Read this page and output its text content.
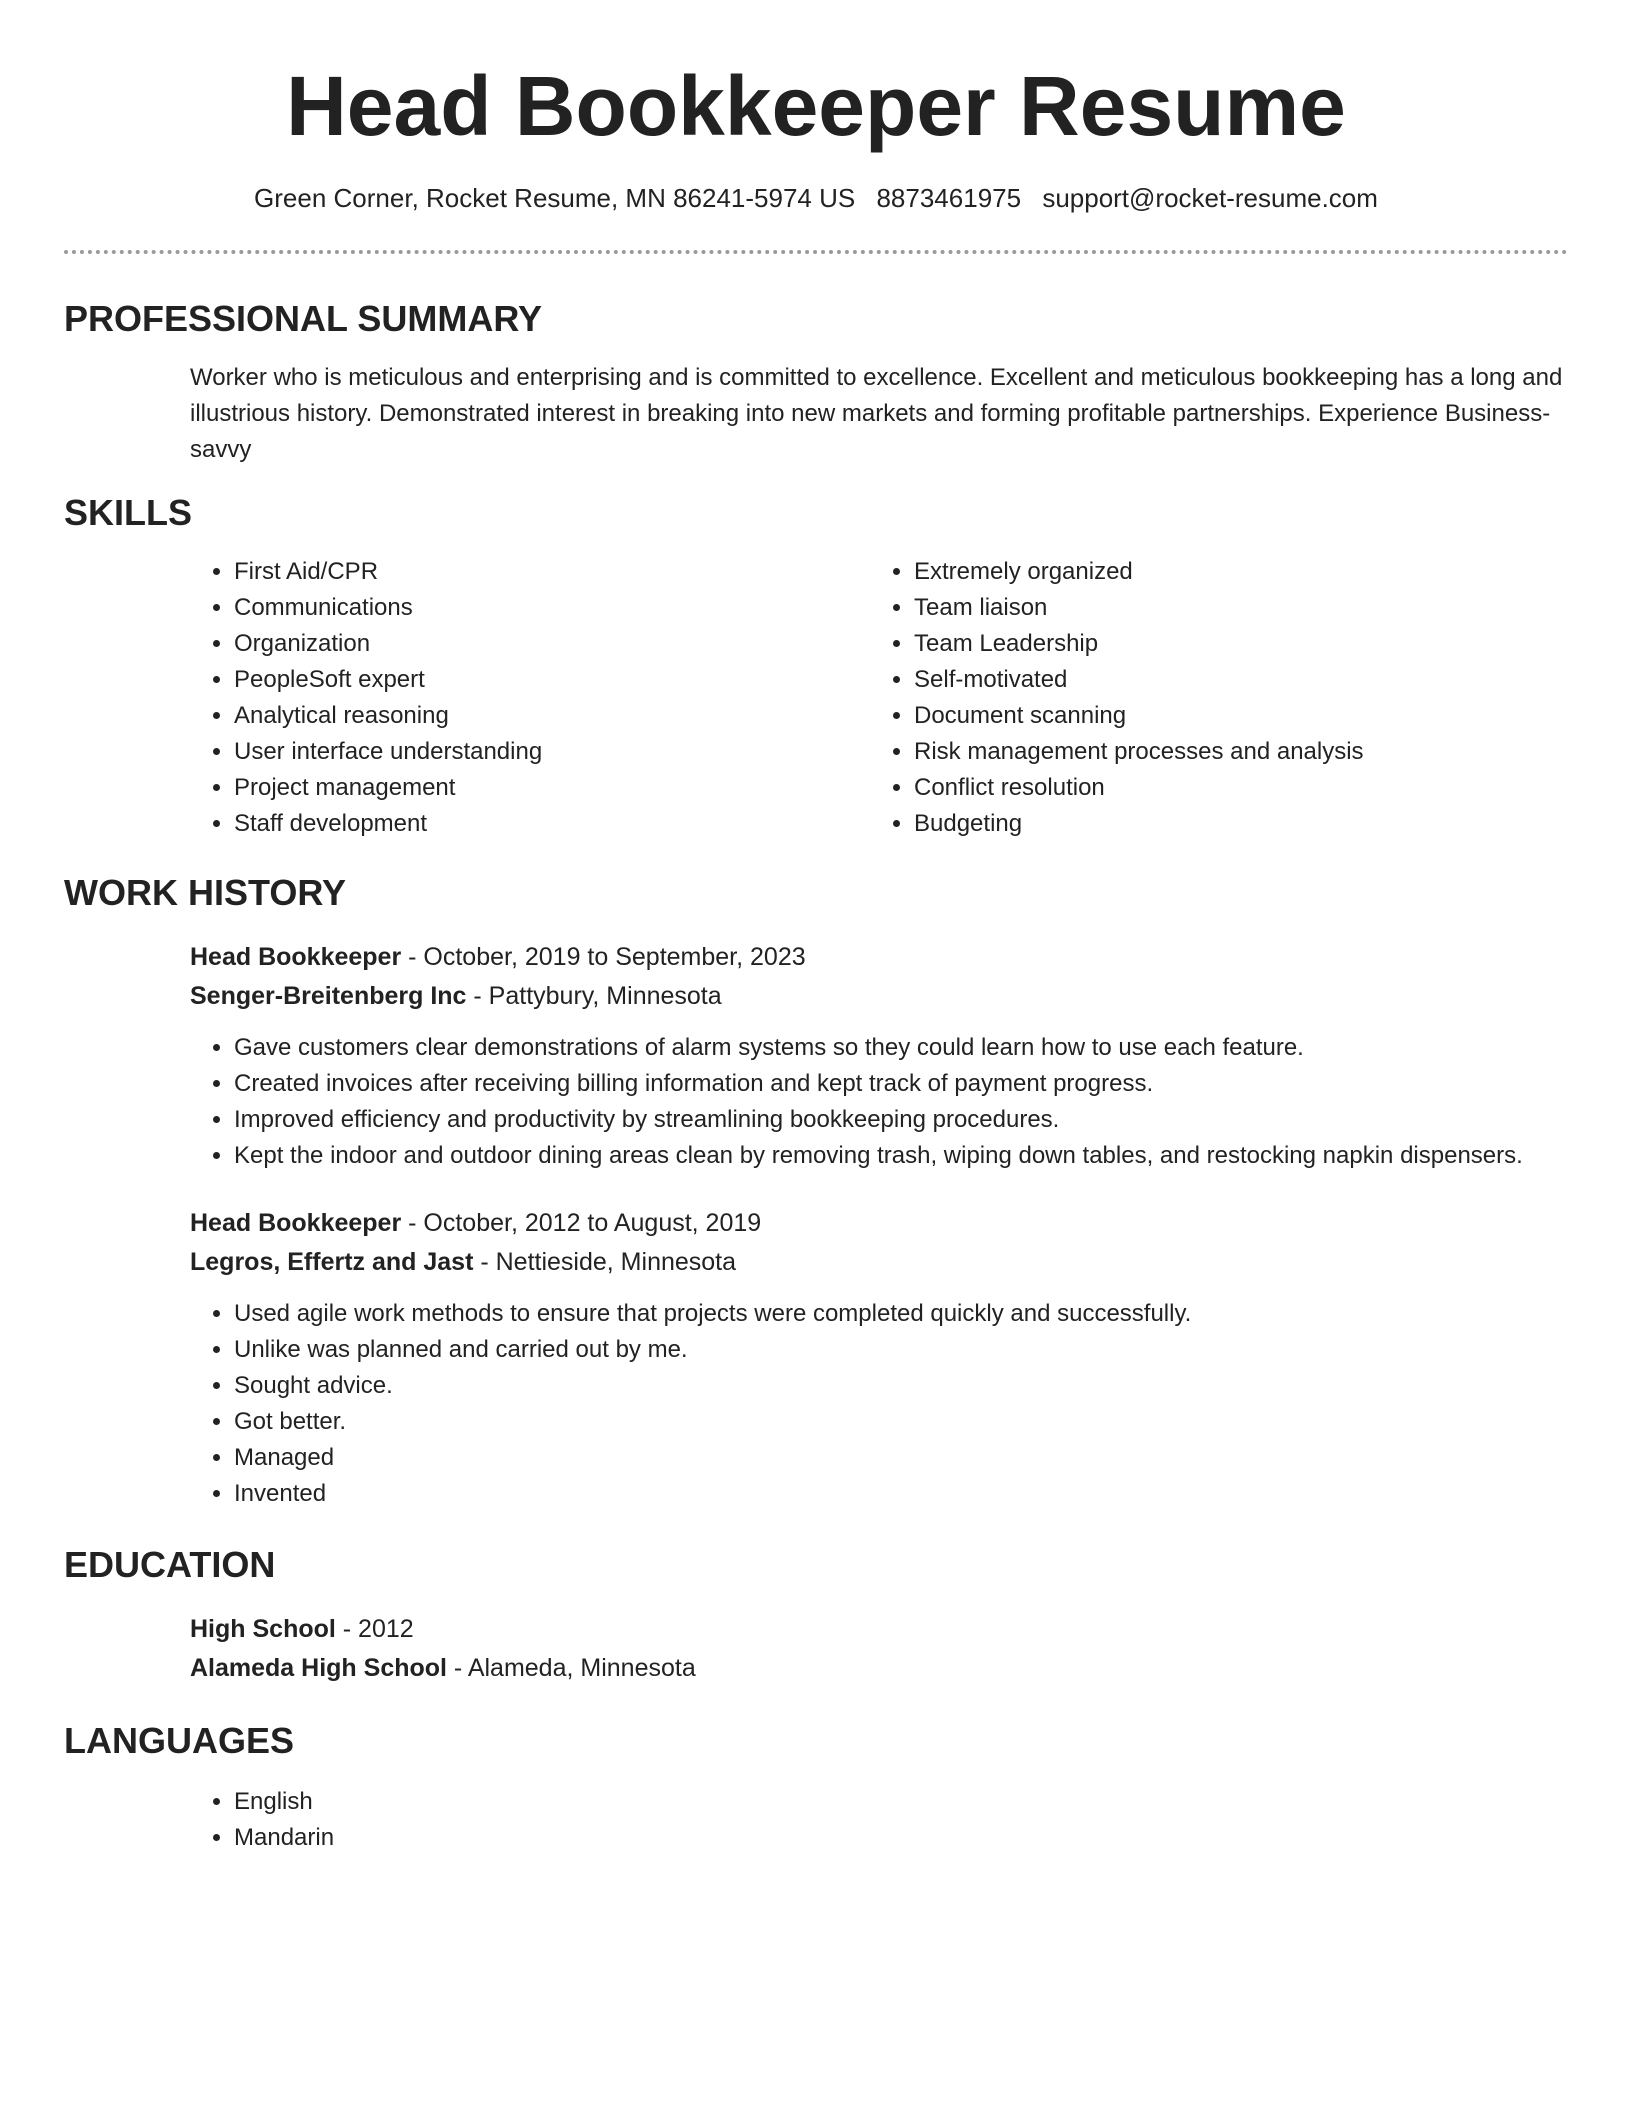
Head Bookkeeper Resume
Green Corner, Rocket Resume, MN 86241-5974 US 8873461975 support@rocket-resume.com
PROFESSIONAL SUMMARY

Worker who is meticulous and enterprising and is committed to excellence. Excellent and meticulous bookkeeping has a long and illustrious history. Demonstrated interest in breaking into new markets and forming profitable partnerships. Experience Business-savvy

SKILLS
• First Aid/CPR
• Communications
• Organization
• PeopleSoft expert
• Analytical reasoning
• User interface understanding
• Project management
• Staff development
• Extremely organized
• Team liaison
• Team Leadership
• Self-motivated
• Document scanning
• Risk management processes and analysis
• Conflict resolution
• Budgeting
WORK HISTORY
Head Bookkeeper - October, 2019 to September, 2023
Senger-Breitenberg Inc - Pattybury, Minnesota
• Gave customers clear demonstrations of alarm systems so they could learn how to use each feature.
• Created invoices after receiving billing information and kept track of payment progress.
• Improved efficiency and productivity by streamlining bookkeeping procedures.
• Kept the indoor and outdoor dining areas clean by removing trash, wiping down tables, and restocking napkin dispensers.
Head Bookkeeper - October, 2012 to August, 2019
Legros, Effertz and Jast - Nettieside, Minnesota
• Used agile work methods to ensure that projects were completed quickly and successfully.
• Unlike was planned and carried out by me.
• Sought advice.
• Got better.
• Managed
• Invented
EDUCATION
High School - 2012
Alameda High School - Alameda, Minnesota
LANGUAGES
• English
• Mandarin
